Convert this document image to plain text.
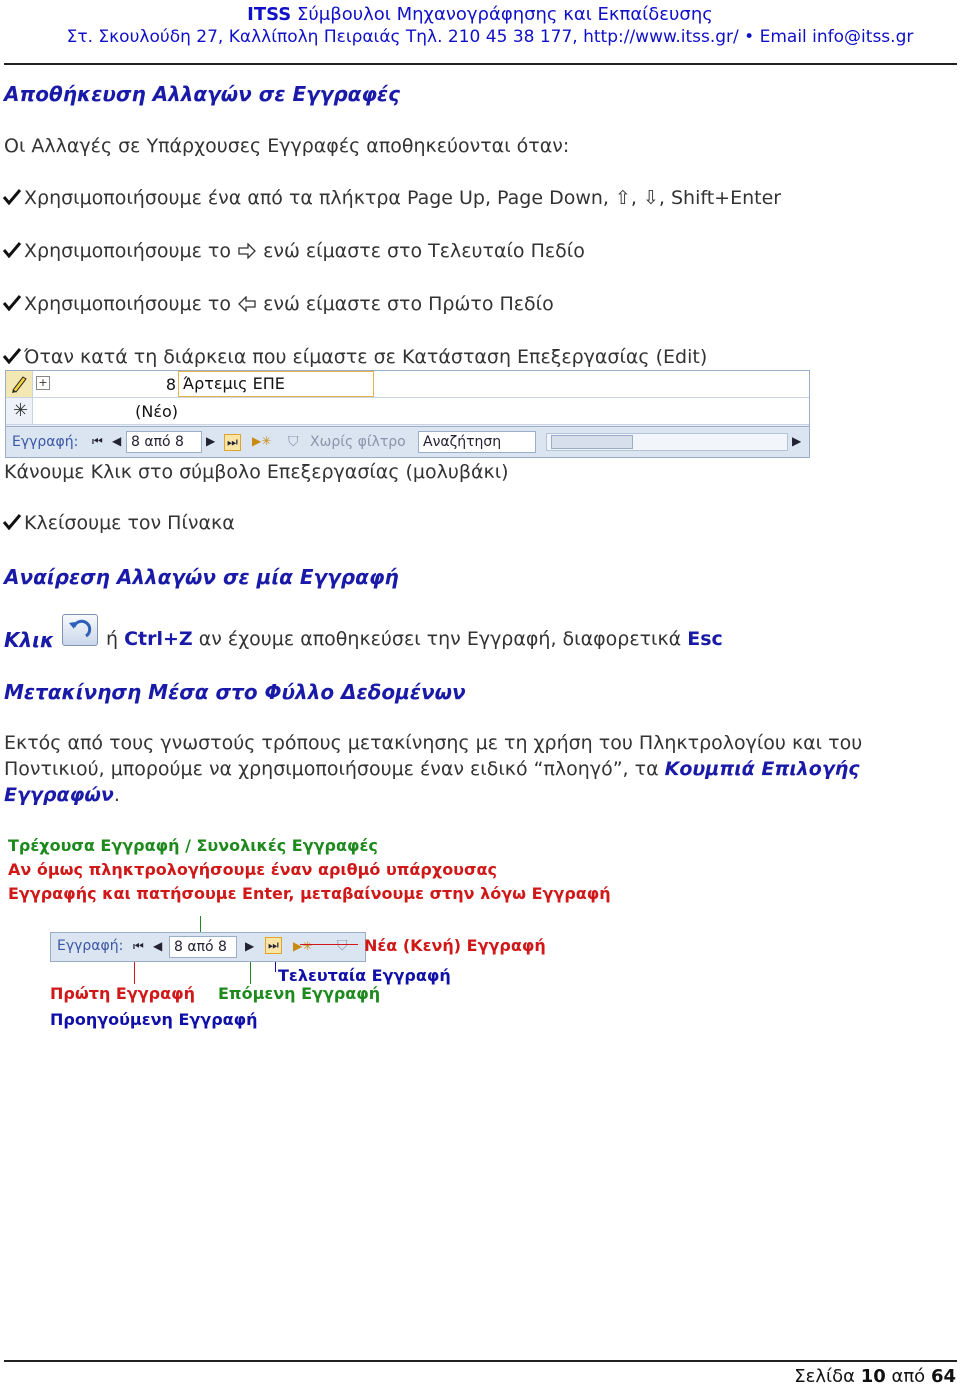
ITSS Σύμβουλοι Μηχανογράφησης και Εκπαίδευσης
Στ. Σκουλούδη 27, Καλλίπολη Πειραιάς Τηλ. 210 45 38 177, http://www.itss.gr/ • Email info@itss.gr
Αποθήκευση Αλλαγών σε Εγγραφές
Οι Αλλαγές σε Υπάρχουσες Εγγραφές αποθηκεύονται όταν:
Χρησιμοποιήσουμε ένα από τα πλήκτρα Page Up, Page Down, ⇧, ⇩, Shift+Enter
Χρησιμοποιήσουμε το ενώ είμαστε στο Τελευταίο Πεδίο
Χρησιμοποιήσουμε το ενώ είμαστε στο Πρώτο Πεδίο
Όταν κατά τη διάρκεια που είμαστε σε Κατάσταση Επεξεργασίας (Edit)
+	8 Άρτεμις ΕΠΕ
✳	(Νέο)
Εγγραφή: ⏮ ◀ 8 από 8	▶ ⏭ ▶✳ ⛉ Χωρίς φίλτρο	Αναζήτηση	▶
Κάνουμε Κλικ στο σύμβολο Επεξεργασίας (μολυβάκι)
Κλείσουμε τον Πίνακα
Αναίρεση Αλλαγών σε μία Εγγραφή
Κλικ	ή Ctrl+Z αν έχουμε αποθηκεύσει την Εγγραφή, διαφορετικά Esc
Μετακίνηση Μέσα στο Φύλλο Δεδομένων
Εκτός από τους γνωστούς τρόπους μετακίνησης με τη χρήση του Πληκτρολογίου και του
Ποντικιού, μπορούμε να χρησιμοποιήσουμε έναν ειδικό “πλοηγό”, τα Κουμπιά Επιλογής
Εγγραφών.
Τρέχουσα Εγγραφή / Συνολικές Εγγραφές
Αν όμως πληκτρολογήσουμε έναν αριθμό υπάρχουσας
Εγγραφής και πατήσουμε Enter, μεταβαίνουμε στην λόγω Εγγραφή
Εγγραφή: ⏮ ◀ 8 από 8	▶ ⏭ ▶✳ ⛉ Νέα (Κενή) Εγγραφή
Τελευταία Εγγραφή
Πρώτη Εγγραφή Επόμενη Εγγραφή
Προηγούμενη Εγγραφή
Σελίδα 10 από 64
